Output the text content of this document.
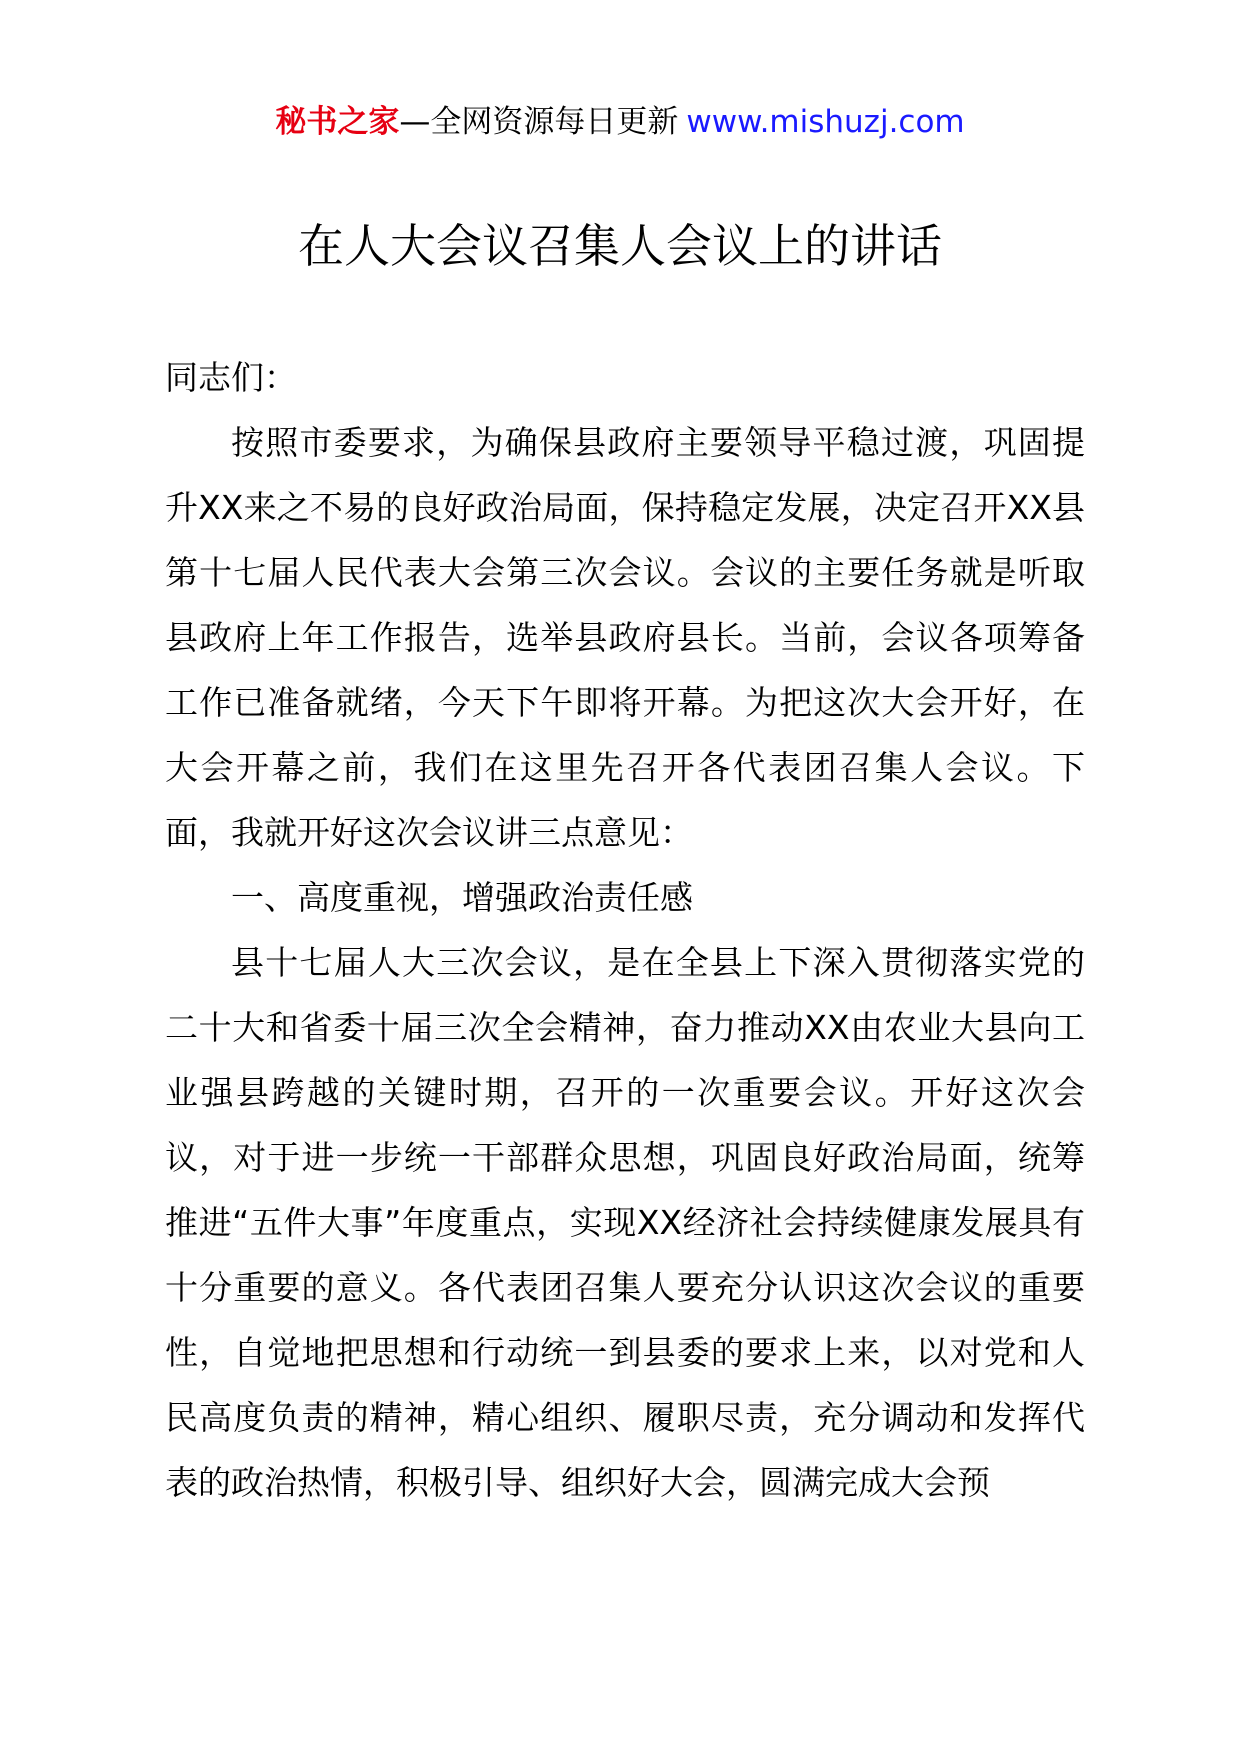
秘书之家—全网资源每日更新 www.mishuzj.com
在人大会议召集人会议上的讲话

同志们：

按照市委要求，为确保县政府主要领导平稳过渡，巩固提升XX来之不易的良好政治局面，保持稳定发展，决定召开XX县第十七届人民代表大会第三次会议。会议的主要任务就是听取县政府上年工作报告，选举县政府县长。当前，会议各项筹备工作已准备就绪，今天下午即将开幕。为把这次大会开好，在大会开幕之前，我们在这里先召开各代表团召集人会议。下面，我就开好这次会议讲三点意见：

一、高度重视，增强政治责任感

县十七届人大三次会议，是在全县上下深入贯彻落实党的二十大和省委十届三次全会精神，奋力推动XX由农业大县向工业强县跨越的关键时期，召开的一次重要会议。开好这次会议，对于进一步统一干部群众思想，巩固良好政治局面，统筹推进“五件大事”年度重点，实现XX经济社会持续健康发展具有十分重要的意义。各代表团召集人要充分认识这次会议的重要性，自觉地把思想和行动统一到县委的要求上来，以对党和人民高度负责的精神，精心组织、履职尽责，充分调动和发挥代表的政治热情，积极引导、组织好大会，圆满完成大会预
